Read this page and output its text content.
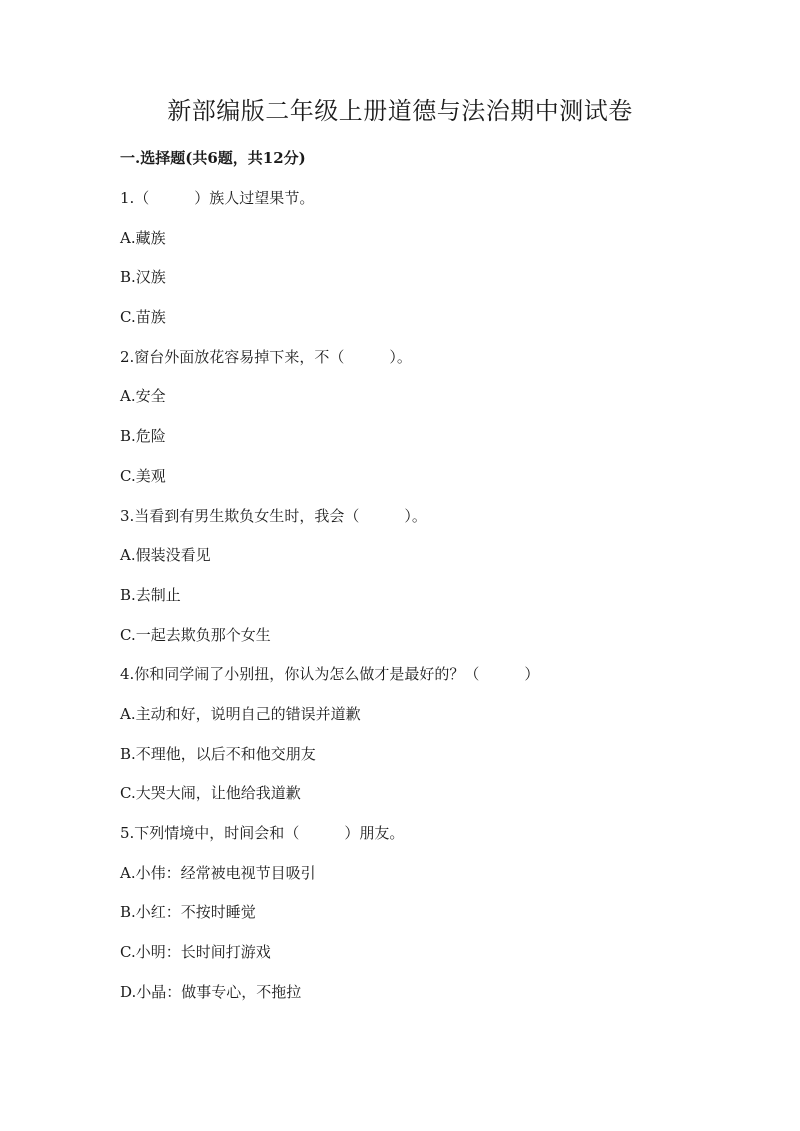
新部编版二年级上册道德与法治期中测试卷
一.选择题(共6题，共12分)
1.（　　　）族人过望果节。
A.藏族
B.汉族
C.苗族
2.窗台外面放花容易掉下来，不（　　　）。
A.安全
B.危险
C.美观
3.当看到有男生欺负女生时，我会（　　　）。
A.假装没看见
B.去制止
C.一起去欺负那个女生
4.你和同学闹了小别扭，你认为怎么做才是最好的？（　　　）
A.主动和好，说明自己的错误并道歉
B.不理他，以后不和他交朋友
C.大哭大闹，让他给我道歉
5.下列情境中，时间会和（　　　）朋友。
A.小伟：经常被电视节目吸引
B.小红：不按时睡觉
C.小明：长时间打游戏
D.小晶：做事专心，不拖拉
